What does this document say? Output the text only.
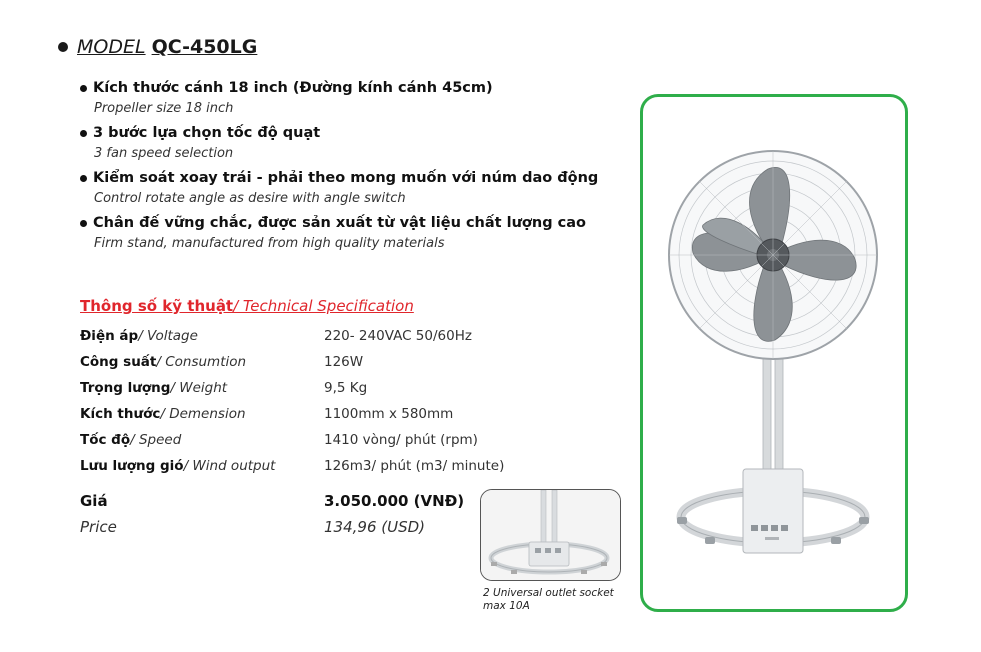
MODEL QC-450LG
Kích thước cánh 18 inch (Đường kính cánh 45cm)
Propeller size 18 inch
3 bước lựa chọn tốc độ quạt
3 fan speed selection
Kiểm soát xoay trái - phải theo mong muốn với núm dao động
Control rotate angle as desire with angle switch
Chân đế vững chắc, được sản xuất từ vật liệu chất lượng cao
Firm stand, manufactured from high quality materials
Thông số kỹ thuật/ Technical Specification
Điện áp/ Voltage	220- 240VAC 50/60Hz
Công suất/ Consumtion	126W
Trọng lượng/ Weight	9,5 Kg
Kích thước/ Demension	1100mm x 580mm
Tốc độ/ Speed	1410 vòng/ phút (rpm)
Lưu lượng gió/ Wind output	126m3/ phút (m3/ minute)
Giá	3.050.000 (VNĐ)
Price	134,96 (USD)
2 Universal outlet socket max 10A
